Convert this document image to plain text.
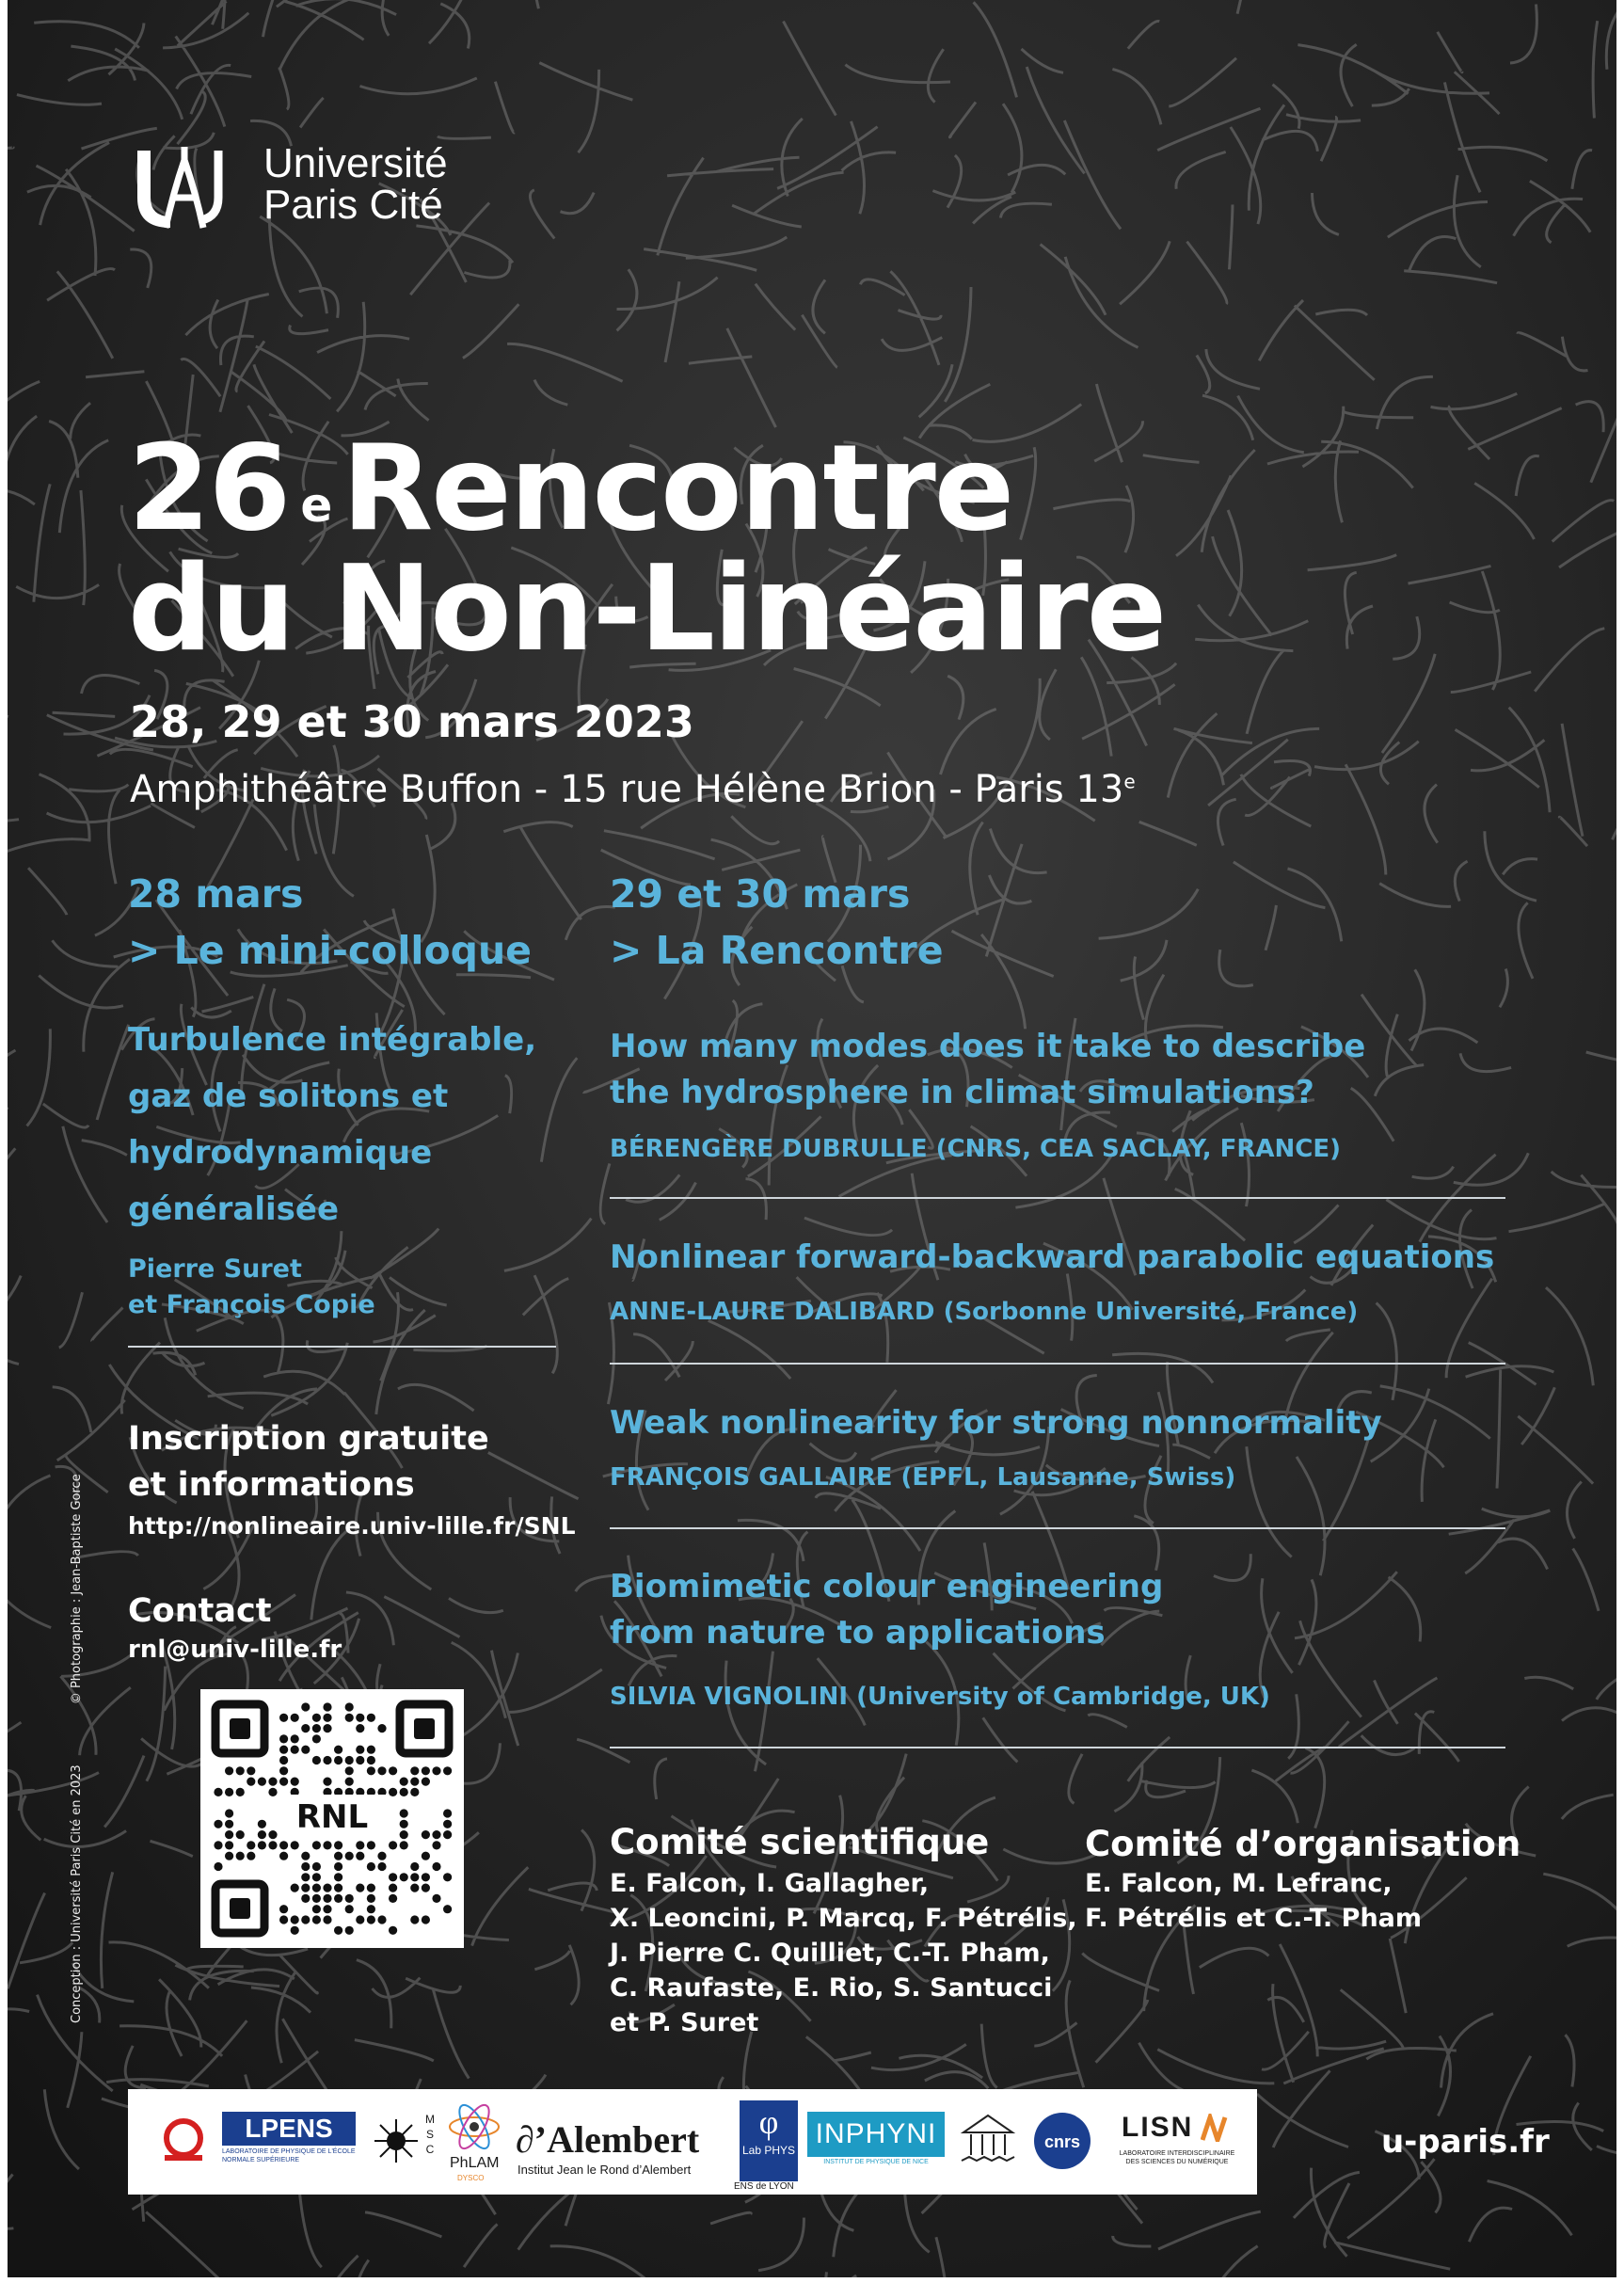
Université
Paris Cité
26 $^e$Rencontre
du Non-Linéaire
28, 29 et 30 mars 2023
Amphithéâtre Buffon - 15 rue Hélène Brion - Paris 13e
28 mars
> Le mini-colloque
Turbulence intégrable,
gaz de solitons et
hydrodynamique
généralisée
Pierre Suret
et François Copie
Inscription gratuite
et informations
http://nonlineaire.univ-lille.fr/SNL
Contact
rnl@univ-lille.fr
RNL
Conception : Université Paris Cité en 2023 © Photographie : Jean-Baptiste Gorce
29 et 30 mars
> La Rencontre
How many modes does it take to describe
the hydrosphere in climat simulations?
BÉRENGÈRE DUBRULLE (CNRS, CEA SACLAY, FRANCE)
Nonlinear forward-backward parabolic equations
ANNE-LAURE DALIBARD (Sorbonne Université, France)
Weak nonlinearity for strong nonnormality
FRANÇOIS GALLAIRE (EPFL, Lausanne, Swiss)
Biomimetic colour engineering
from nature to applications
SILVIA VIGNOLINI (University of Cambridge, UK)
Comité scientifique
E. Falcon, I. Gallagher,
X. Leoncini, P. Marcq, F. Pétrélis,
J. Pierre C. Quilliet, C.-T. Pham,
C. Raufaste, E. Rio, S. Santucci
et P. Suret
Comité d’organisation
E. Falcon, M. Lefranc,
F. Pétrélis et C.-T. Pham
LPENS
LABORATOIRE DE PHYSIQUE DE L'ÉCOLE NORMALE SUPÉRIEURE
MSC
PhLAM
DYSCO
∂’Alembert
Institut Jean le Rond d’Alembert
φ
Lab PHYS
ENS de LYON
INPHYNI
INSTITUT DE PHYSIQUE DE NICE
cnrs LISN
LABORATOIRE INTERDISCIPLINAIRE DES SCIENCES DU NUMÉRIQUE
u-paris.fr
